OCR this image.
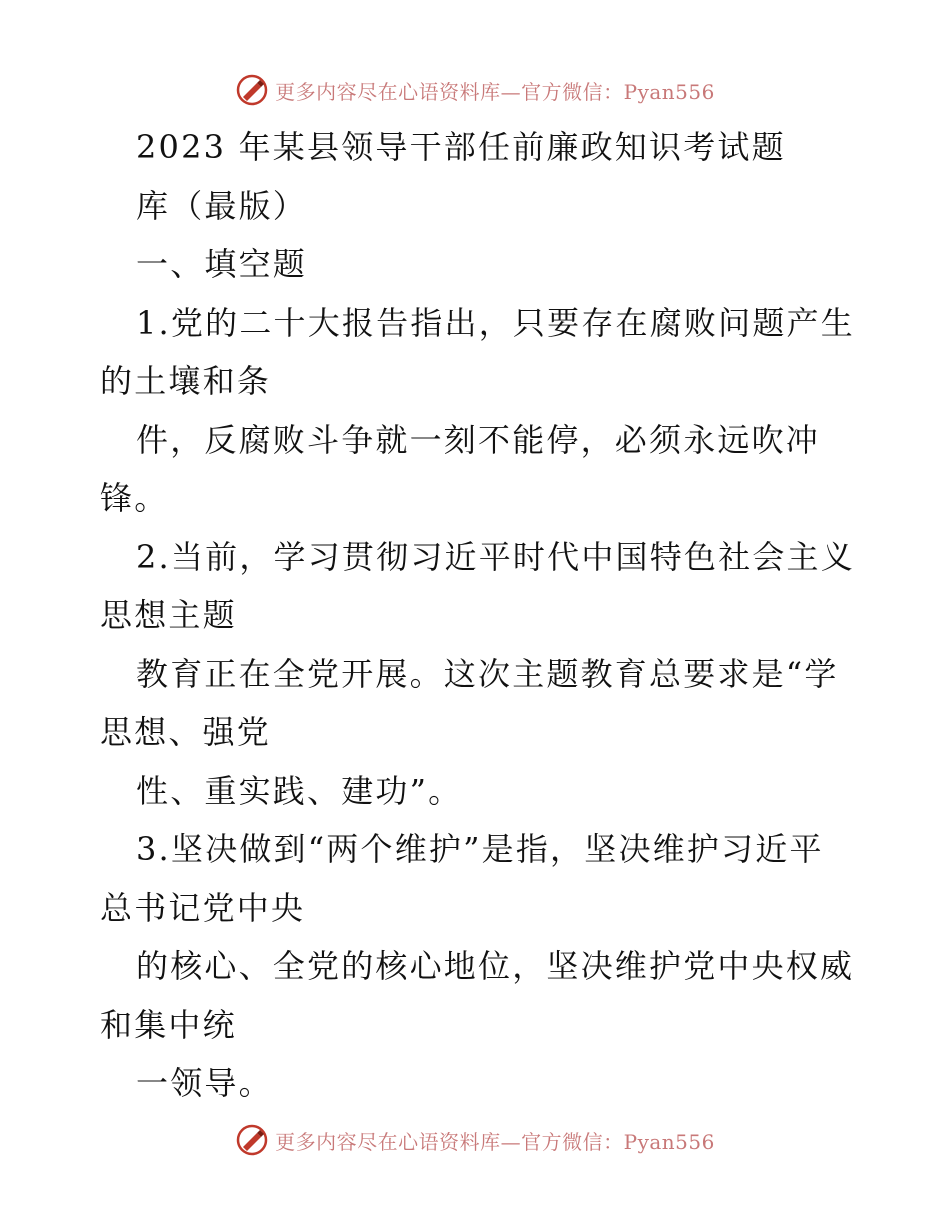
更多内容尽在心语资料库—官方微信：Pyan556
2023 年某县领导干部任前廉政知识考试题
库（最版）
一、填空题
1.党的二十大报告指出，只要存在腐败问题产生
的土壤和条
件，反腐败斗争就一刻不能停，必须永远吹冲
锋。
2.当前，学习贯彻习近平时代中国特色社会主义
思想主题
教育正在全党开展。这次主题教育总要求是“学
思想、强党
性、重实践、建功”。
3.坚决做到“两个维护”是指，坚决维护习近平
总书记党中央
的核心、全党的核心地位，坚决维护党中央权威
和集中统
一领导。
更多内容尽在心语资料库—官方微信：Pyan556
